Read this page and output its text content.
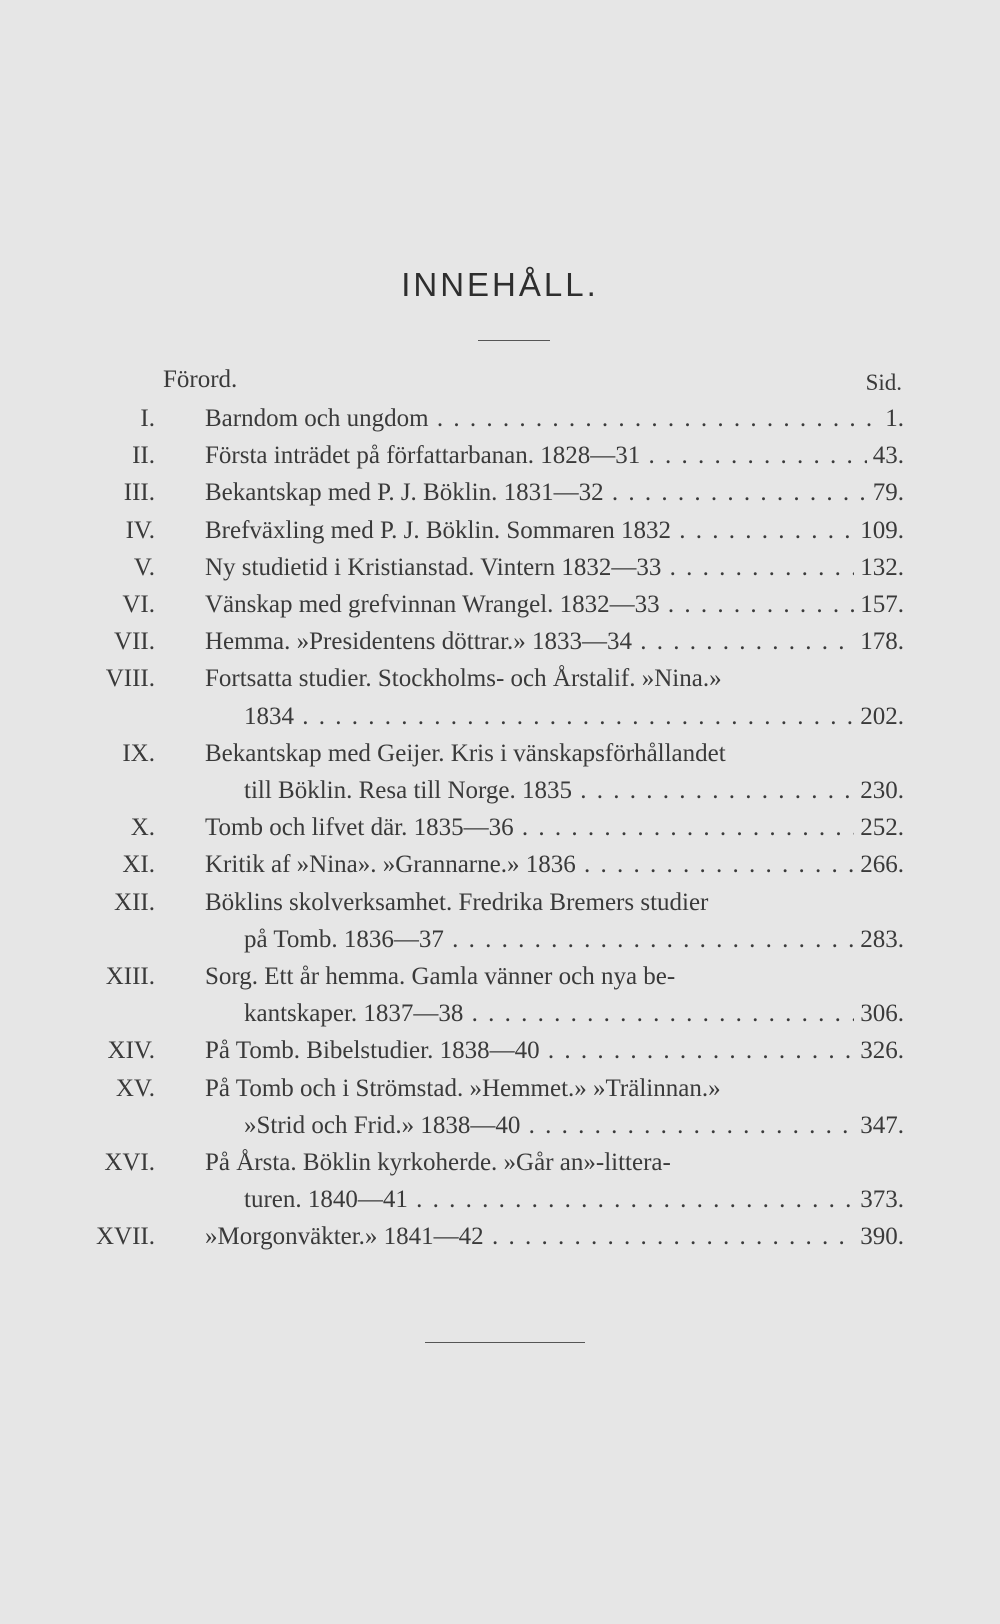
INNEHÅLL.
Förord.	Sid.
I. Barndom och ungdom . . .	1.
II. Första inträdet på författarbanan. 1828—31 . . .	43.
III. Bekantskap med P. J. Böklin. 1831—32 . . .	79.
IV. Brefväxling med P. J. Böklin. Sommaren 1832 . . .	109.
V. Ny studietid i Kristianstad. Vintern 1832—33 . . .	132.
VI. Vänskap med grefvinnan Wrangel. 1832—33 . . .	157.
VII. Hemma. »Presidentens döttrar.» 1833—34 . . .	178.
VIII. Fortsatta studier. Stockholms- och Årstalif. »Nina.»
1834 . . .	202.
IX. Bekantskap med Geijer. Kris i vänskapsförhållandet
till Böklin. Resa till Norge. 1835 . . .	230.
X. Tomb och lifvet där. 1835—36 . . .	252.
XI. Kritik af »Nina». »Grannarne.» 1836 . . .	266.
XII. Böklins skolverksamhet. Fredrika Bremers studier
på Tomb. 1836—37 . . .	283.
XIII. Sorg. Ett år hemma. Gamla vänner och nya be-
kantskaper. 1837—38 . . .	306.
XIV. På Tomb. Bibelstudier. 1838—40 . . .	326.
XV. På Tomb och i Strömstad. »Hemmet.» »Trälinnan.»
»Strid och Frid.» 1838—40 . . .	347.
XVI. På Årsta. Böklin kyrkoherde. »Går an»-littera-
turen. 1840—41 . . .	373.
XVII. »Morgonväkter.» 1841—42 . . .	390.
